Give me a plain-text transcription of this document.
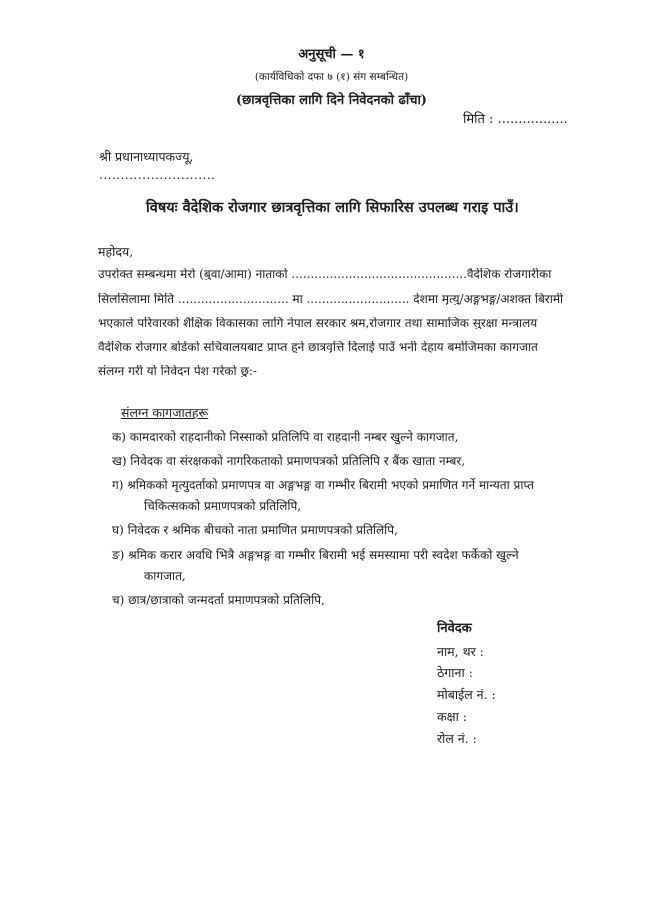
अनुसूची — १
(कार्यविधिको दफा ७ (१) संग सम्बन्धित)
(छात्रवृत्तिका लागि दिने निवेदनको ढाँचा)
मिति : .................
श्री प्रधानाध्यापकज्यू,
...........................
विषयः वैदेशिक रोजगार छात्रवृत्तिका लागि सिफारिस उपलब्ध गराइ पाउँ।
महोदय,
उपरोक्त सम्बन्धमा मेरो (बुवा/आमा) नाताको ..............................................वैदेशिक रोजगारीका
सिलसिलामा मिति ............................. मा ........................... देशमा मृत्यु/अङ्गभङ्ग/अशक्त बिरामी
भएकाले परिवारको शैक्षिक विकासका लागि नेपाल सरकार श्रम,रोजगार तथा सामाजिक सुरक्षा मन्त्रालय
वैदेशिक रोजगार बोर्डको सचिवालयबाट प्राप्त हुने छात्रवृत्ति दिलाई पाउँ भनी देहाय बमोजिमका कागजात
संलग्न गरी यो निवेदन पेश गरेको छु:-
संलग्न कागजातहरू
क) कामदारको राहदानीको निस्साको प्रतिलिपि वा राहदानी नम्बर खुल्ने कागजात,
ख) निवेदक वा संरक्षकको नागरिकताको प्रमाणपत्रको प्रतिलिपि र बैंक खाता नम्बर,
ग) श्रमिकको मृत्युदर्ताको प्रमाणपत्र वा अङ्गभङ्ग वा गम्भीर बिरामी भएको प्रमाणित गर्ने मान्यता प्राप्त
चिकित्सकको प्रमाणपत्रको प्रतिलिपि,
घ) निवेदक र श्रमिक बीचको नाता प्रमाणित प्रमाणपत्रको प्रतिलिपि,
ङ) श्रमिक करार अवधि भित्रै अङ्गभङ्ग वा गम्भीर बिरामी भई समस्यामा परी स्वदेश फर्केको खुल्ने
कागजात,
च) छात्र/छात्राको जन्मदर्ता प्रमाणपत्रको प्रतिलिपि,
निवेदक
नाम, थर :
ठेगाना :
मोबाईल नं. :
कक्षा :
रोल नं. :
